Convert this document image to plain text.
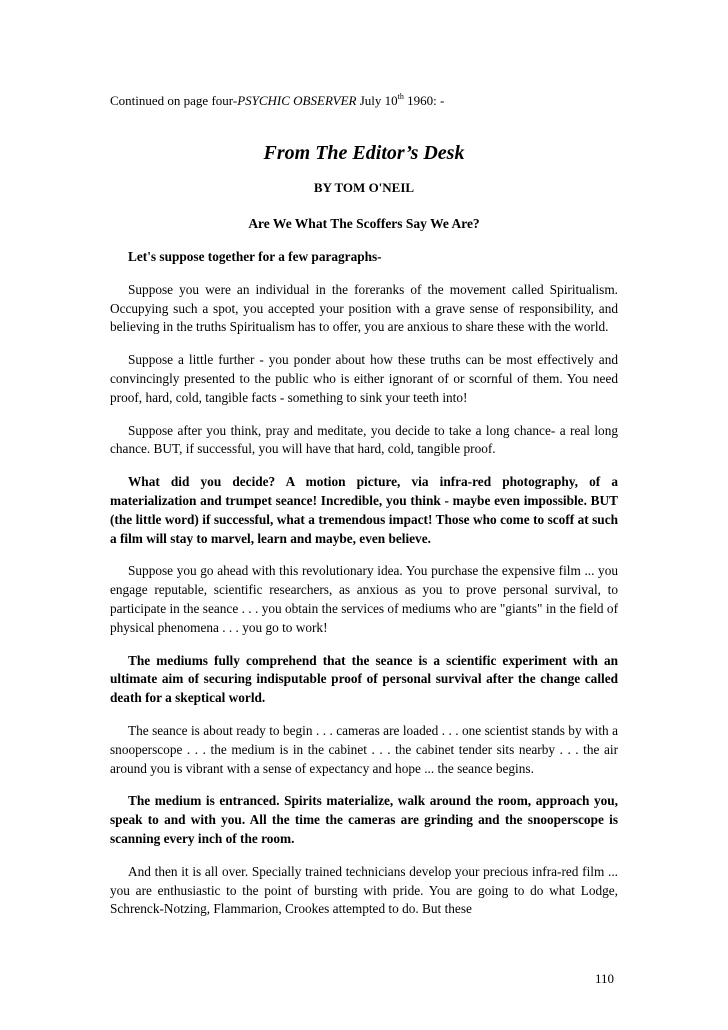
Continued on page four-PSYCHIC OBSERVER July 10th 1960: -
From The Editor’s Desk
BY TOM O'NEIL
Are We What The Scoffers Say We Are?

Let's suppose together for a few paragraphs-

Suppose you were an individual in the foreranks of the movement called Spiritualism. Occupying such a spot, you accepted your position with a grave sense of responsibility, and believing in the truths Spiritualism has to offer, you are anxious to share these with the world.

Suppose a little further - you ponder about how these truths can be most effectively and convincingly presented to the public who is either ignorant of or scornful of them. You need proof, hard, cold, tangible facts - something to sink your teeth into!

Suppose after you think, pray and meditate, you decide to take a long chance- a real long chance. BUT, if successful, you will have that hard, cold, tangible proof.

What did you decide? A motion picture, via infra-red photography, of a materialization and trumpet seance! Incredible, you think - maybe even impossible. BUT (the little word) if successful, what a tremendous impact! Those who come to scoff at such a film will stay to marvel, learn and maybe, even believe.

Suppose you go ahead with this revolutionary idea. You purchase the expensive film ... you engage reputable, scientific researchers, as anxious as you to prove personal survival, to participate in the seance . . . you obtain the services of mediums who are "giants" in the field of physical phenomena . . . you go to work!

The mediums fully comprehend that the seance is a scientific experiment with an ultimate aim of securing indisputable proof of personal survival after the change called death for a skeptical world.

The seance is about ready to begin . . . cameras are loaded . . . one scientist stands by with a snooperscope . . . the medium is in the cabinet . . . the cabinet tender sits nearby . . . the air around you is vibrant with a sense of expectancy and hope ... the seance begins.

The medium is entranced. Spirits materialize, walk around the room, approach you, speak to and with you. All the time the cameras are grinding and the snooperscope is scanning every inch of the room.

And then it is all over. Specially trained technicians develop your precious infra-red film ... you are enthusiastic to the point of bursting with pride. You are going to do what Lodge, Schrenck-Notzing, Flammarion, Crookes attempted to do. But these

110
